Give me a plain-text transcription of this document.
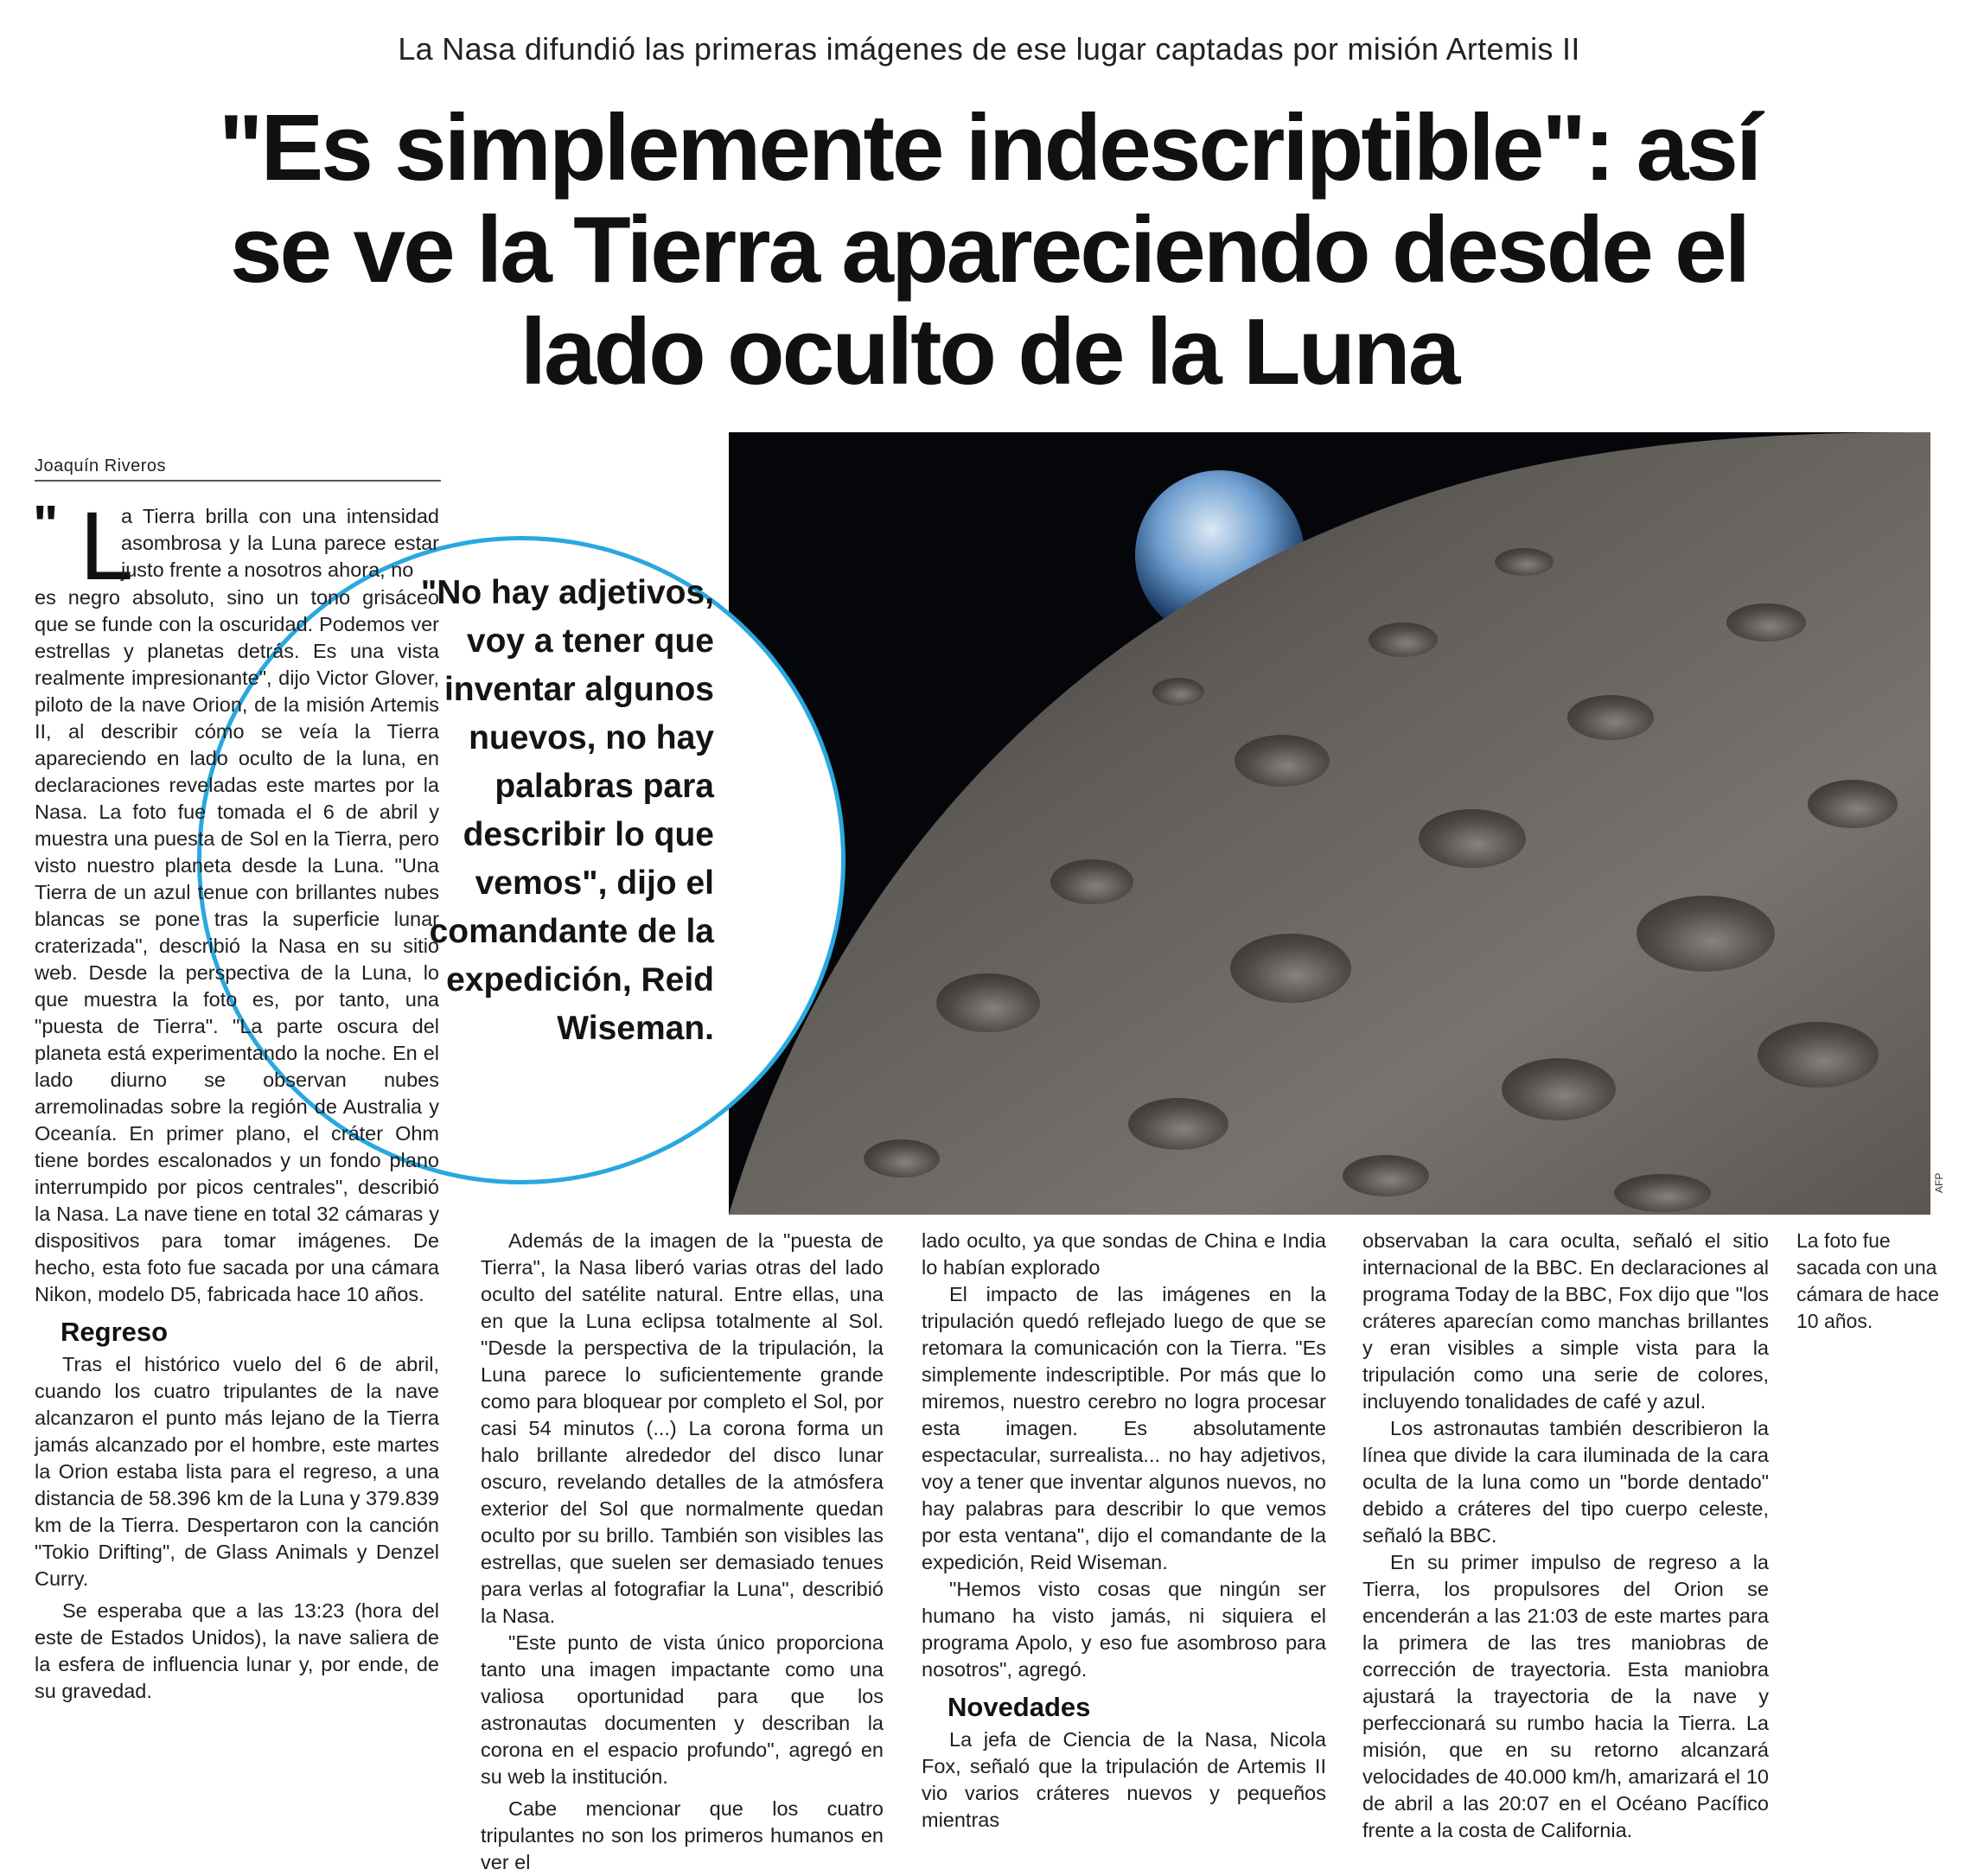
La Nasa difundió las primeras imágenes de ese lugar captadas por misión Artemis II
"Es simplemente indescriptible": así
se ve la Tierra apareciendo desde el
lado oculto de la Luna
Joaquín Riveros
AFP
"No hay adjetivos, voy a tener que inventar algunos nuevos, no hay palabras para describir lo que vemos", dijo el comandante de la expedición, Reid Wiseman.
" L
a Tierra brilla con una intensidad asombrosa y la Luna parece estar justo frente a nosotros ahora, no

es negro absoluto, sino un tono grisáceo que se funde con la oscuridad. Podemos ver estrellas y planetas detrás. Es una vista realmente impresionante", dijo Victor Glover, piloto de la nave Orion, de la misión Artemis II, al describir cómo se veía la Tierra apareciendo en lado oculto de la luna, en declaraciones reveladas este martes por la Nasa. La foto fue tomada el 6 de abril y muestra una puesta de Sol en la Tierra, pero visto nuestro planeta desde la Luna. "Una Tierra de un azul tenue con brillantes nubes blancas se pone tras la superficie lunar craterizada", describió la Nasa en su sitio web. Desde la perspectiva de la Luna, lo que muestra la foto es, por tanto, una "puesta de Tierra". "La parte oscura del planeta está experimentando la noche. En el lado diurno se observan nubes arremolinadas sobre la región de Australia y Oceanía. En primer plano, el cráter Ohm tiene bordes escalonados y un fondo plano interrumpido por picos centrales", describió la Nasa. La nave tiene en total 32 cámaras y dispositivos para tomar imágenes. De hecho, esta foto fue sacada por una cámara Nikon, modelo D5, fabricada hace 10 años.

Regreso

Tras el histórico vuelo del 6 de abril, cuando los cuatro tripulantes de la nave alcanzaron el punto más lejano de la Tierra jamás alcanzado por el hombre, este martes la Orion estaba lista para el regreso, a una distancia de 58.396 km de la Luna y 379.839 km de la Tierra. Despertaron con la canción "Tokio Drifting", de Glass Animals y Denzel Curry.

Se esperaba que a las 13:23 (hora del este de Estados Unidos), la nave saliera de la esfera de influencia lunar y, por ende, de su gravedad.

Además de la imagen de la "puesta de Tierra", la Nasa liberó varias otras del lado oculto del satélite natural. Entre ellas, una en que la Luna eclipsa totalmente al Sol. "Desde la perspectiva de la tripulación, la Luna parece lo suficientemente grande como para bloquear por completo el Sol, por casi 54 minutos (...) La corona forma un halo brillante alrededor del disco lunar oscuro, revelando detalles de la atmósfera exterior del Sol que normalmente quedan oculto por su brillo. También son visibles las estrellas, que suelen ser demasiado tenues para verlas al fotografiar la Luna", describió la Nasa.

"Este punto de vista único proporciona tanto una imagen impactante como una valiosa oportunidad para que los astronautas documenten y describan la corona en el espacio profundo", agregó en su web la institución.

Cabe mencionar que los cuatro tripulantes no son los primeros humanos en ver el

lado oculto, ya que sondas de China e India lo habían explorado

El impacto de las imágenes en la tripulación quedó reflejado luego de que se retomara la comunicación con la Tierra. "Es simplemente indescriptible. Por más que lo miremos, nuestro cerebro no logra procesar esta imagen. Es absolutamente espectacular, surrealista... no hay adjetivos, voy a tener que inventar algunos nuevos, no hay palabras para describir lo que vemos por esta ventana", dijo el comandante de la expedición, Reid Wiseman.

"Hemos visto cosas que ningún ser humano ha visto jamás, ni siquiera el programa Apolo, y eso fue asombroso para nosotros", agregó.

Novedades

La jefa de Ciencia de la Nasa, Nicola Fox, señaló que la tripulación de Artemis II vio varios cráteres nuevos y pequeños mientras

observaban la cara oculta, señaló el sitio internacional de la BBC. En declaraciones al programa Today de la BBC, Fox dijo que "los cráteres aparecían como manchas brillantes y eran visibles a simple vista para la tripulación como una serie de colores, incluyendo tonalidades de café y azul.

Los astronautas también describieron la línea que divide la cara iluminada de la cara oculta de la luna como un "borde dentado" debido a cráteres del tipo cuerpo celeste, señaló la BBC.

En su primer impulso de regreso a la Tierra, los propulsores del Orion se encenderán a las 21:03 de este martes para la primera de las tres maniobras de corrección de trayectoria. Esta maniobra ajustará la trayectoria de la nave y perfeccionará su rumbo hacia la Tierra. La misión, que en su retorno alcanzará velocidades de 40.000 km/h, amarizará el 10 de abril a las 20:07 en el Océano Pacífico frente a la costa de California.

La foto fue sacada con una cámara de hace 10 años.
